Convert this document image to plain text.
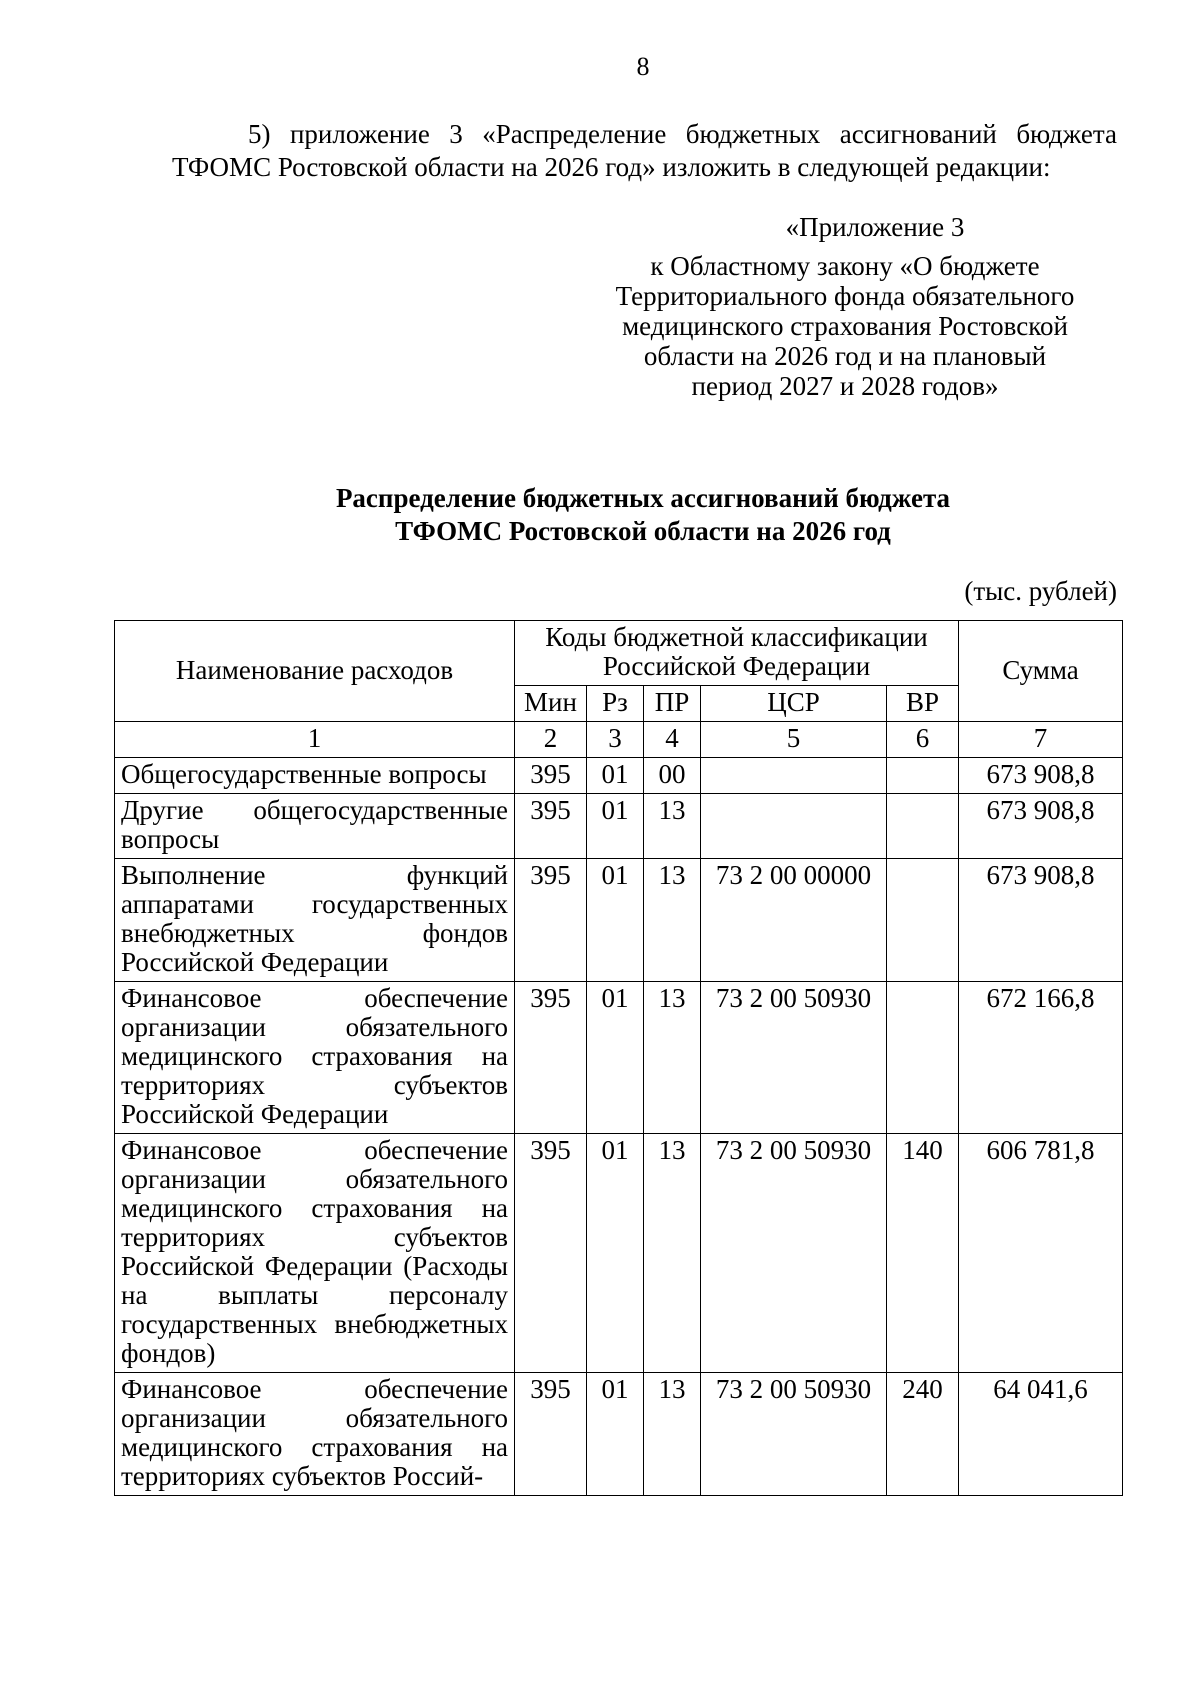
8
5) приложение 3 «Распределение бюджетных ассигнований бюджета ТФОМС Ростовской области на 2026 год» изложить в следующей редакции:
«Приложение 3
к Областному закону «О бюджете
Территориального фонда обязательного
медицинского страхования Ростовской
области на 2026 год и на плановый
период 2027 и 2028 годов»
Распределение бюджетных ассигнований бюджета
ТФОМС Ростовской области на 2026 год
(тыс. рублей)
Наименование расходов	Коды бюджетной классификации Российской Федерации					Сумма
	Мин	Рз	ПР	ЦСР	ВР	
1	2	3	4	5	6	7
Общегосударственные вопросы	395	01	00			673 908,8
Другие общегосударственные вопросы	395	01	13			673 908,8
Выполнение функций аппаратами государственных внебюджетных фондов Российской Федерации	395	01	13	73 2 00 00000		673 908,8
Финансовое обеспечение организации обязательного медицинского страхования на территориях субъектов Российской Федерации	395	01	13	73 2 00 50930		672 166,8
Финансовое обеспечение организации обязательного медицинского страхования на территориях субъектов Российской Федерации (Расходы на выплаты персоналу государственных внебюджетных фондов)	395	01	13	73 2 00 50930	140	606 781,8
Финансовое обеспечение организации обязательного медицинского страхования на территориях субъектов Россий-	395	01	13	73 2 00 50930	240	64 041,6
